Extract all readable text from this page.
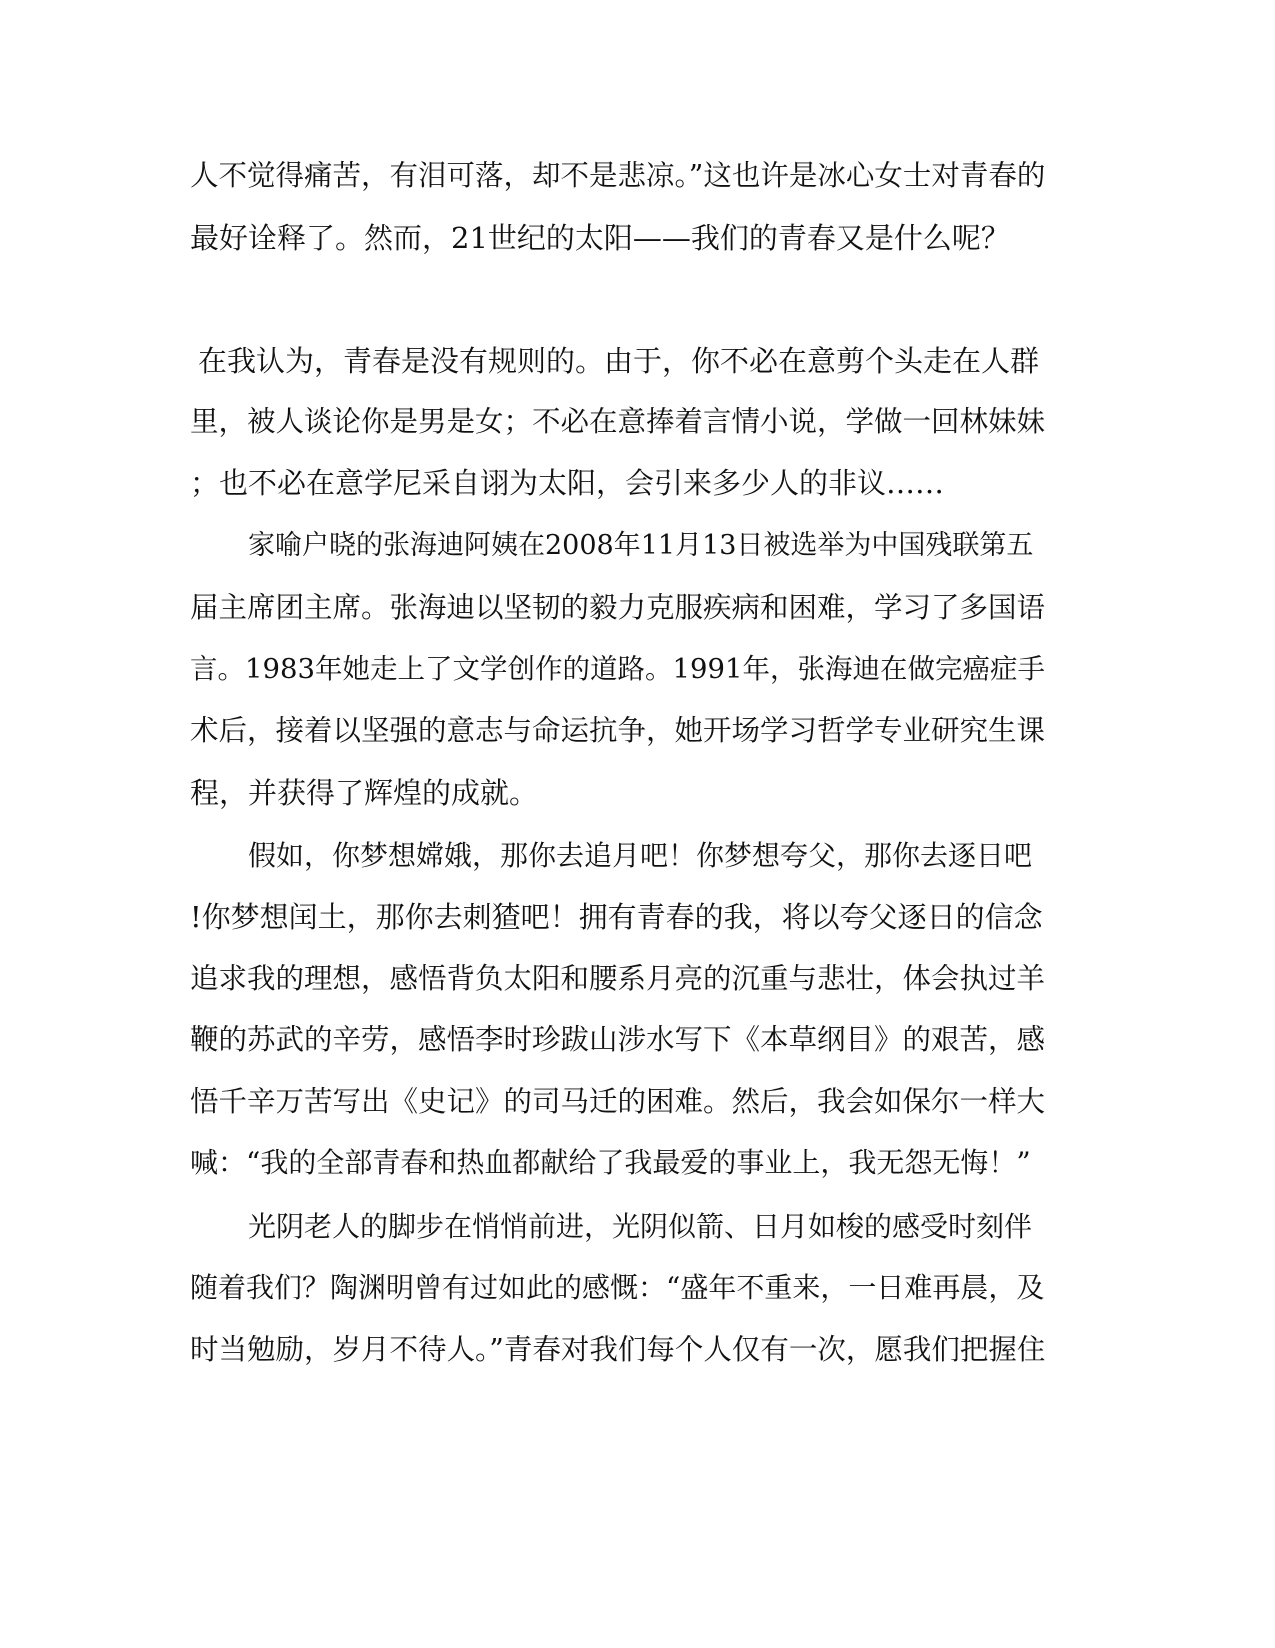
人不觉得痛苦，有泪可落，却不是悲凉。”这也许是冰心女士对青春的
最好诠释了。然而，21世纪的太阳——我们的青春又是什么呢？
在我认为，青春是没有规则的。由于，你不必在意剪个头走在人群
里，被人谈论你是男是女；不必在意捧着言情小说，学做一回林妹妹
；也不必在意学尼采自诩为太阳，会引来多少人的非议……
家喻户晓的张海迪阿姨在2008年11月13日被选举为中国残联第五
届主席团主席。张海迪以坚韧的毅力克服疾病和困难，学习了多国语
言。1983年她走上了文学创作的道路。1991年，张海迪在做完癌症手
术后，接着以坚强的意志与命运抗争，她开场学习哲学专业研究生课
程，并获得了辉煌的成就。
假如，你梦想嫦娥，那你去追月吧！你梦想夸父，那你去逐日吧
!你梦想闰土，那你去刺猹吧！拥有青春的我，将以夸父逐日的信念
追求我的理想，感悟背负太阳和腰系月亮的沉重与悲壮，体会执过羊
鞭的苏武的辛劳，感悟李时珍跋山涉水写下《本草纲目》的艰苦，感
悟千辛万苦写出《史记》的司马迁的困难。然后，我会如保尔一样大
喊：“我的全部青春和热血都献给了我最爱的事业上，我无怨无悔！”
光阴老人的脚步在悄悄前进，光阴似箭、日月如梭的感受时刻伴
随着我们？陶渊明曾有过如此的感慨：“盛年不重来，一日难再晨，及
时当勉励，岁月不待人。”青春对我们每个人仅有一次，愿我们把握住
